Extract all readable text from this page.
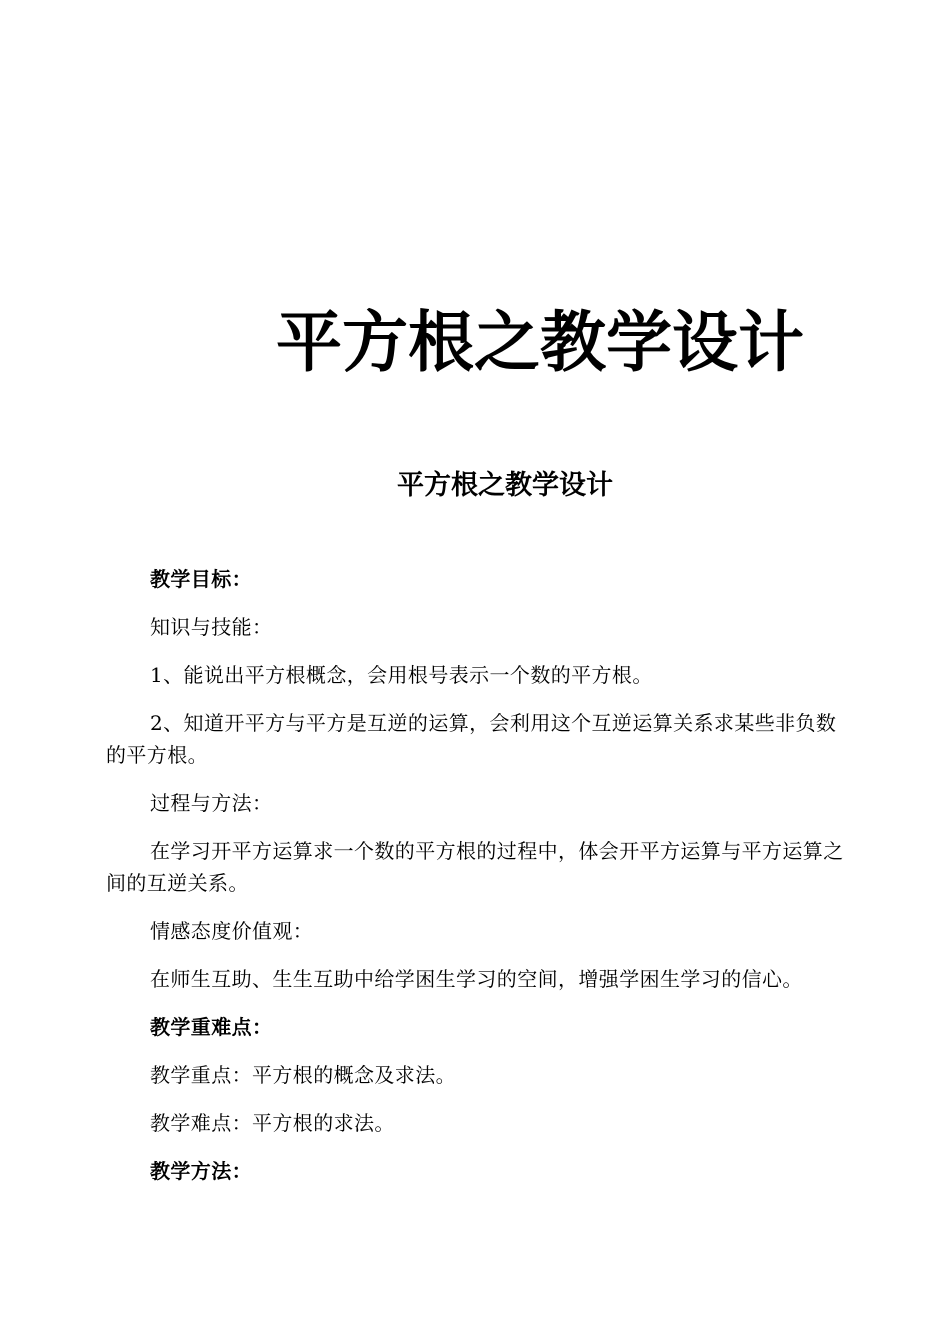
平方根之教学设计
平方根之教学设计

教学目标：

知识与技能：

1、能说出平方根概念，会用根号表示一个数的平方根。

2、知道开平方与平方是互逆的运算，会利用这个互逆运算关系求某些非负数的平方根。

过程与方法：

在学习开平方运算求一个数的平方根的过程中，体会开平方运算与平方运算之间的互逆关系。

情感态度价值观：

在师生互助、生生互助中给学困生学习的空间，增强学困生学习的信心。

教学重难点：

教学重点：平方根的概念及求法。

教学难点：平方根的求法。

教学方法：
